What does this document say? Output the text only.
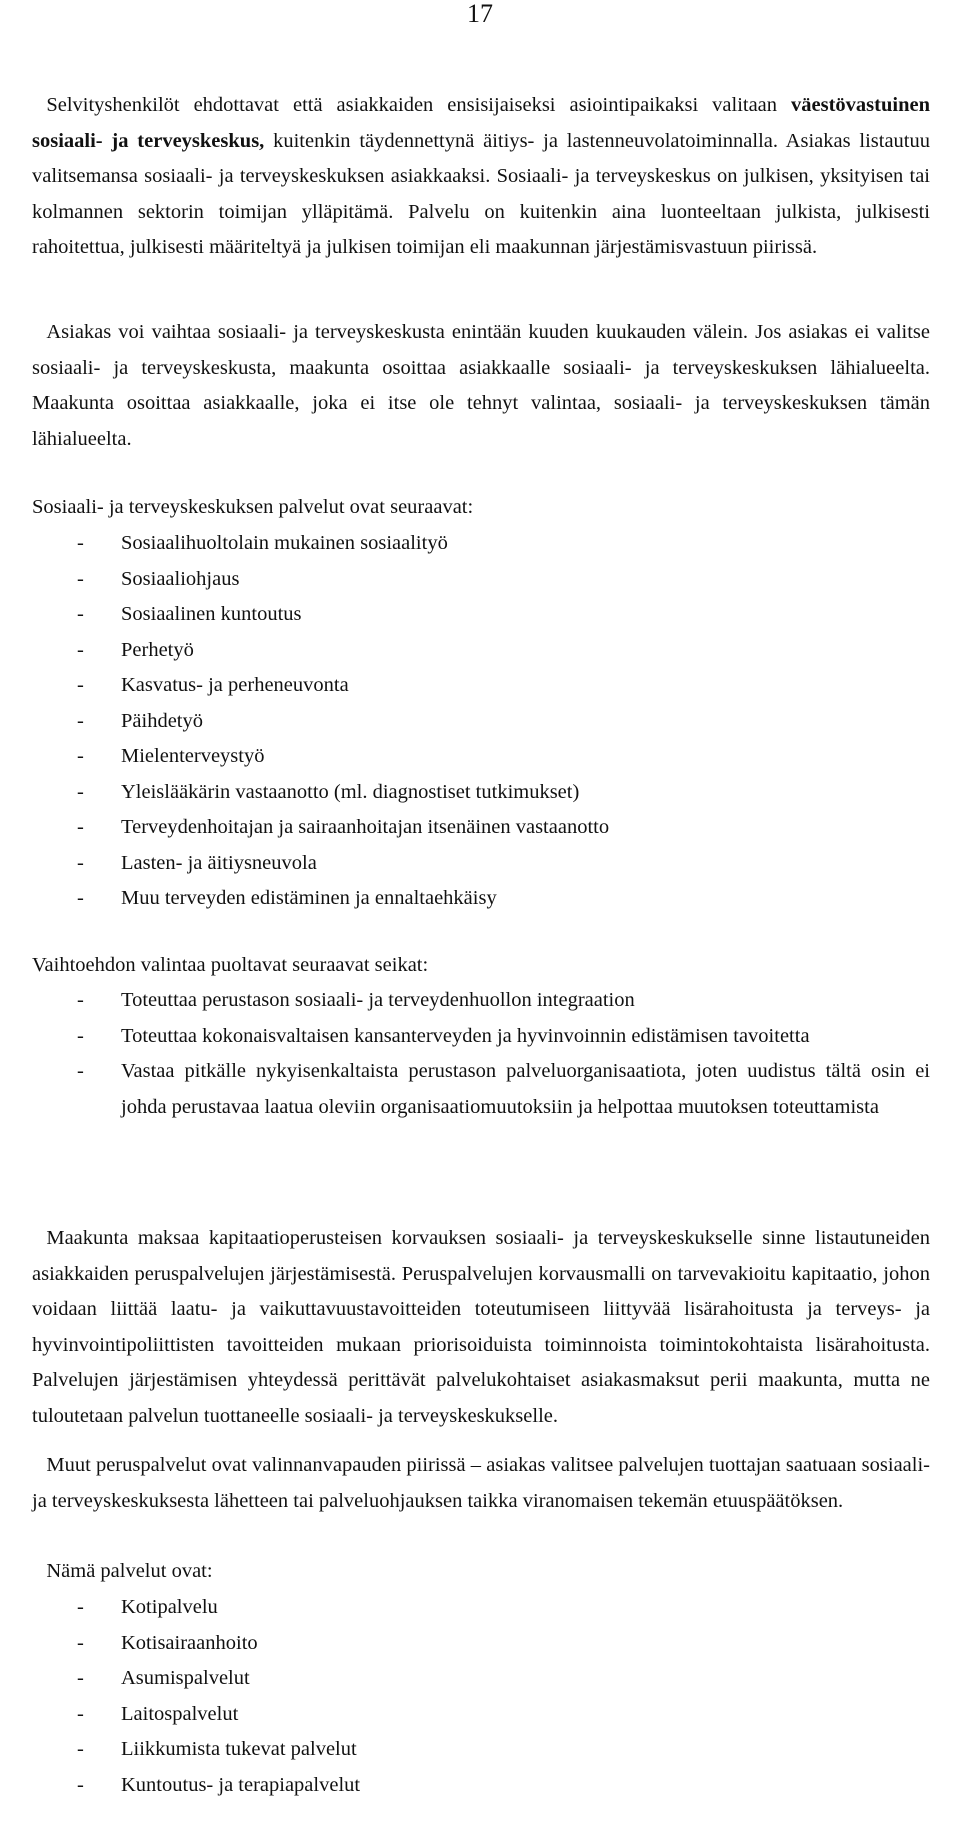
17

Selvityshenkilöt ehdottavat että asiakkaiden ensisijaiseksi asiointipaikaksi valitaan väestövastuinen sosiaali- ja terveyskeskus, kuitenkin täydennettynä äitiys- ja lastenneuvolatoiminnalla. Asiakas listautuu valitsemansa sosiaali- ja terveyskeskuksen asiakkaaksi. Sosiaali- ja terveyskeskus on julkisen, yksityisen tai kolmannen sektorin toimijan ylläpitämä. Palvelu on kuitenkin aina luonteeltaan julkista, julkisesti rahoitettua, julkisesti määriteltyä ja julkisen toimijan eli maakunnan järjestämisvastuun piirissä.

Asiakas voi vaihtaa sosiaali- ja terveyskeskusta enintään kuuden kuukauden välein. Jos asiakas ei valitse sosiaali- ja terveyskeskusta, maakunta osoittaa asiakkaalle sosiaali- ja terveyskeskuksen lähialueelta. Maakunta osoittaa asiakkaalle, joka ei itse ole tehnyt valintaa, sosiaali- ja terveyskeskuksen tämän lähialueelta.

Sosiaali- ja terveyskeskuksen palvelut ovat seuraavat:
- Sosiaalihuoltolain mukainen sosiaalityö
- Sosiaaliohjaus
- Sosiaalinen kuntoutus
- Perhetyö
- Kasvatus- ja perheneuvonta
- Päihdetyö
- Mielenterveystyö
- Yleislääkärin vastaanotto (ml. diagnostiset tutkimukset)
- Terveydenhoitajan ja sairaanhoitajan itsenäinen vastaanotto
- Lasten- ja äitiysneuvola
- Muu terveyden edistäminen ja ennaltaehkäisy
Vaihtoehdon valintaa puoltavat seuraavat seikat:
- Toteuttaa perustason sosiaali- ja terveydenhuollon integraation
- Toteuttaa kokonaisvaltaisen kansanterveyden ja hyvinvoinnin edistämisen tavoitetta
- Vastaa pitkälle nykyisenkaltaista perustason palveluorganisaatiota, joten uudistus tältä osin ei johda perustavaa laatua oleviin organisaatiomuutoksiin ja helpottaa muutoksen toteuttamista

Maakunta maksaa kapitaatioperusteisen korvauksen sosiaali- ja terveyskeskukselle sinne listautuneiden asiakkaiden peruspalvelujen järjestämisestä. Peruspalvelujen korvausmalli on tarvevakioitu kapitaatio, johon voidaan liittää laatu- ja vaikuttavuustavoitteiden toteutumiseen liittyvää lisärahoitusta ja terveys- ja hyvinvointipoliittisten tavoitteiden mukaan priorisoiduista toiminnoista toimintokohtaista lisärahoitusta. Palvelujen järjestämisen yhteydessä perittävät palvelukohtaiset asiakasmaksut perii maakunta, mutta ne tuloutetaan palvelun tuottaneelle sosiaali- ja terveyskeskukselle.

Muut peruspalvelut ovat valinnanvapauden piirissä – asiakas valitsee palvelujen tuottajan saatuaan sosiaali- ja terveyskeskuksesta lähetteen tai palveluohjauksen taikka viranomaisen tekemän etuuspäätöksen.

Nämä palvelut ovat:
- Kotipalvelu
- Kotisairaanhoito
- Asumispalvelut
- Laitospalvelut
- Liikkumista tukevat palvelut
- Kuntoutus- ja terapiapalvelut
